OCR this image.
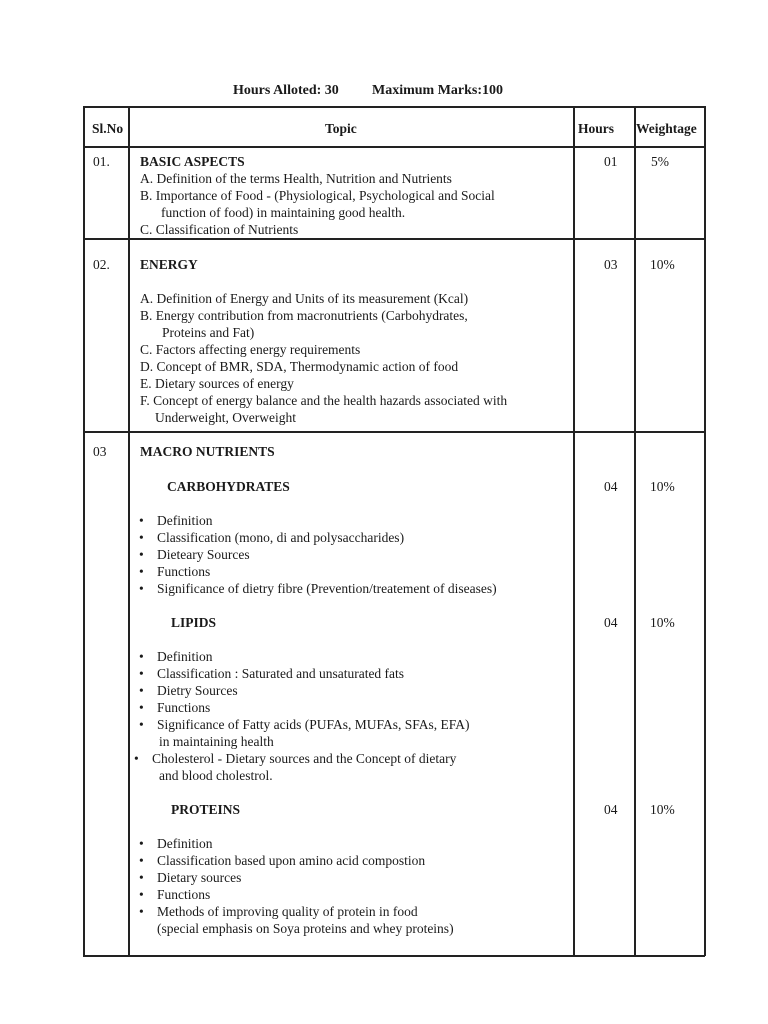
Hours Alloted: 30 Maximum Marks:100
Sl.No	Topic	Hours Weightage
01. BASIC ASPECTS	01 5%
A. Definition of the terms Health, Nutrition and Nutrients
B. Importance of Food - (Physiological, Psychological and Social
function of food) in maintaining good health.
C. Classification of Nutrients
02. ENERGY	03 10%
A. Definition of Energy and Units of its measurement (Kcal)
B. Energy contribution from macronutrients (Carbohydrates,
Proteins and Fat)
C. Factors affecting energy requirements
D. Concept of BMR, SDA, Thermodynamic action of food
E. Dietary sources of energy
F. Concept of energy balance and the health hazards associated with
Underweight, Overweight
03 MACRO NUTRIENTS
CARBOHYDRATES	04 10%
• Definition
• Classification (mono, di and polysaccharides)
• Dieteary Sources
• Functions
• Significance of dietry fibre (Prevention/treatement of diseases)
LIPIDS	04 10%
• Definition
• Classification : Saturated and unsaturated fats
• Dietry Sources
• Functions
• Significance of Fatty acids (PUFAs, MUFAs, SFAs, EFA)
in maintaining health
• Cholesterol - Dietary sources and the Concept of dietary
and blood cholestrol.
PROTEINS	04 10%
• Definition
• Classification based upon amino acid compostion
• Dietary sources
• Functions
• Methods of improving quality of protein in food
(special emphasis on Soya proteins and whey proteins)
